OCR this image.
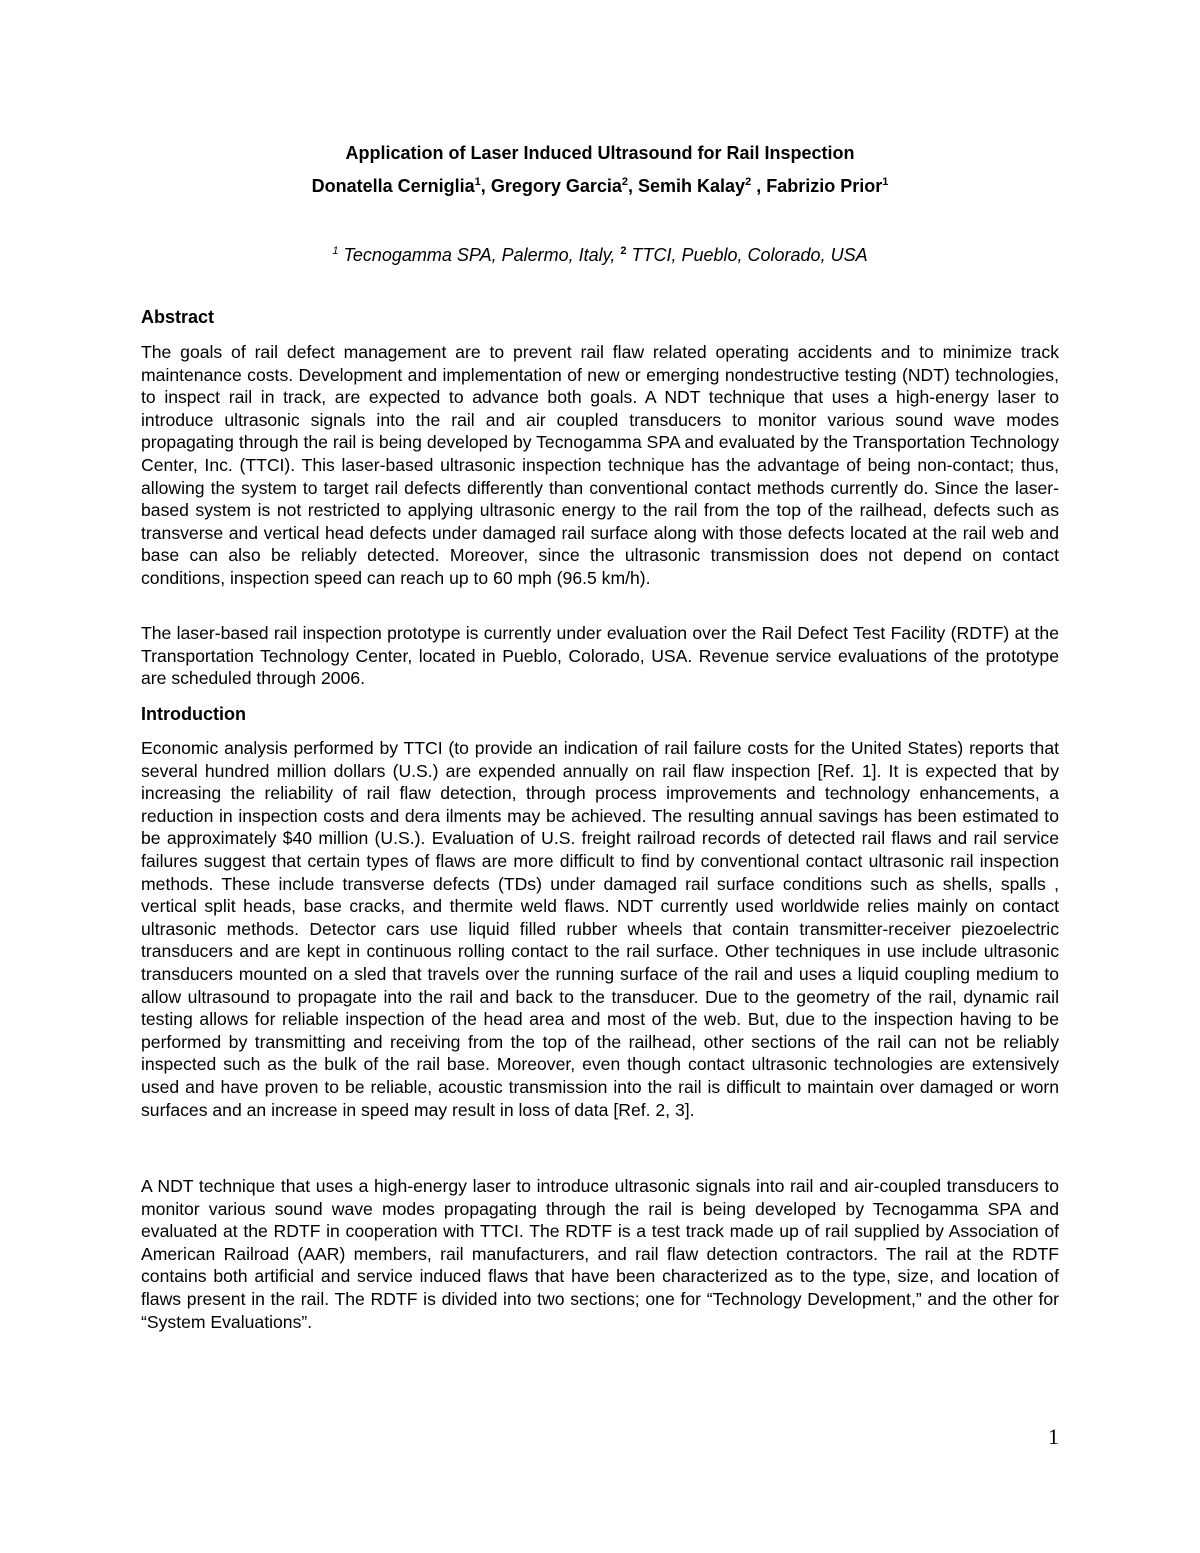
Application of Laser Induced Ultrasound for Rail Inspection

Donatella Cerniglia$^1$, Gregory Garcia$^2$, Semih Kalay$^2$ , Fabrizio Prior$^1$

$^1$ Tecnogamma SPA, Palermo, Italy, $^2$ TTCI, Pueblo, Colorado, USA

Abstract

The goals of rail defect management are to prevent rail flaw related operating accidents and to minimize track maintenance costs. Development and implementation of new or emerging nondestructive testing (NDT) technologies, to inspect rail in track, are expected to advance both goals. A NDT technique that uses a high-energy laser to introduce ultrasonic signals into the rail and air coupled transducers to monitor various sound wave modes propagating through the rail is being developed by Tecnogamma SPA and evaluated by the Transportation Technology Center, Inc. (TTCI). This laser-based ultrasonic inspection technique has the advantage of being non-contact; thus, allowing the system to target rail defects differently than conventional contact methods currently do. Since the laser-based system is not restricted to applying ultrasonic energy to the rail from the top of the railhead, defects such as transverse and vertical head defects under damaged rail surface along with those defects located at the rail web and base can also be reliably detected. Moreover, since the ultrasonic transmission does not depend on contact conditions, inspection speed can reach up to 60 mph (96.5 km/h).

The laser-based rail inspection prototype is currently under evaluation over the Rail Defect Test Facility (RDTF) at the Transportation Technology Center, located in Pueblo, Colorado, USA. Revenue service evaluations of the prototype are scheduled through 2006.

Introduction

Economic analysis performed by TTCI (to provide an indication of rail failure costs for the United States) reports that several hundred million dollars (U.S.) are expended annually on rail flaw inspection [Ref. 1]. It is expected that by increasing the reliability of rail flaw detection, through process improvements and technology enhancements, a reduction in inspection costs and dera ilments may be achieved. The resulting annual savings has been estimated to be approximately $40 million (U.S.). Evaluation of U.S. freight railroad records of detected rail flaws and rail service failures suggest that certain types of flaws are more difficult to find by conventional contact ultrasonic rail inspection methods. These include transverse defects (TDs) under damaged rail surface conditions such as shells, spalls , vertical split heads, base cracks, and thermite weld flaws. NDT currently used worldwide relies mainly on contact ultrasonic methods. Detector cars use liquid filled rubber wheels that contain transmitter-receiver piezoelectric transducers and are kept in continuous rolling contact to the rail surface. Other techniques in use include ultrasonic transducers mounted on a sled that travels over the running surface of the rail and uses a liquid coupling medium to allow ultrasound to propagate into the rail and back to the transducer. Due to the geometry of the rail, dynamic rail testing allows for reliable inspection of the head area and most of the web. But, due to the inspection having to be performed by transmitting and receiving from the top of the railhead, other sections of the rail can not be reliably inspected such as the bulk of the rail base. Moreover, even though contact ultrasonic technologies are extensively used and have proven to be reliable, acoustic transmission into the rail is difficult to maintain over damaged or worn surfaces and an increase in speed may result in loss of data [Ref. 2, 3].

A NDT technique that uses a high-energy laser to introduce ultrasonic signals into rail and air-coupled transducers to monitor various sound wave modes propagating through the rail is being developed by Tecnogamma SPA and evaluated at the RDTF in cooperation with TTCI. The RDTF is a test track made up of rail supplied by Association of American Railroad (AAR) members, rail manufacturers, and rail flaw detection contractors. The rail at the RDTF contains both artificial and service induced flaws that have been characterized as to the type, size, and location of flaws present in the rail. The RDTF is divided into two sections; one for “Technology Development,” and the other for “System Evaluations”.

1
